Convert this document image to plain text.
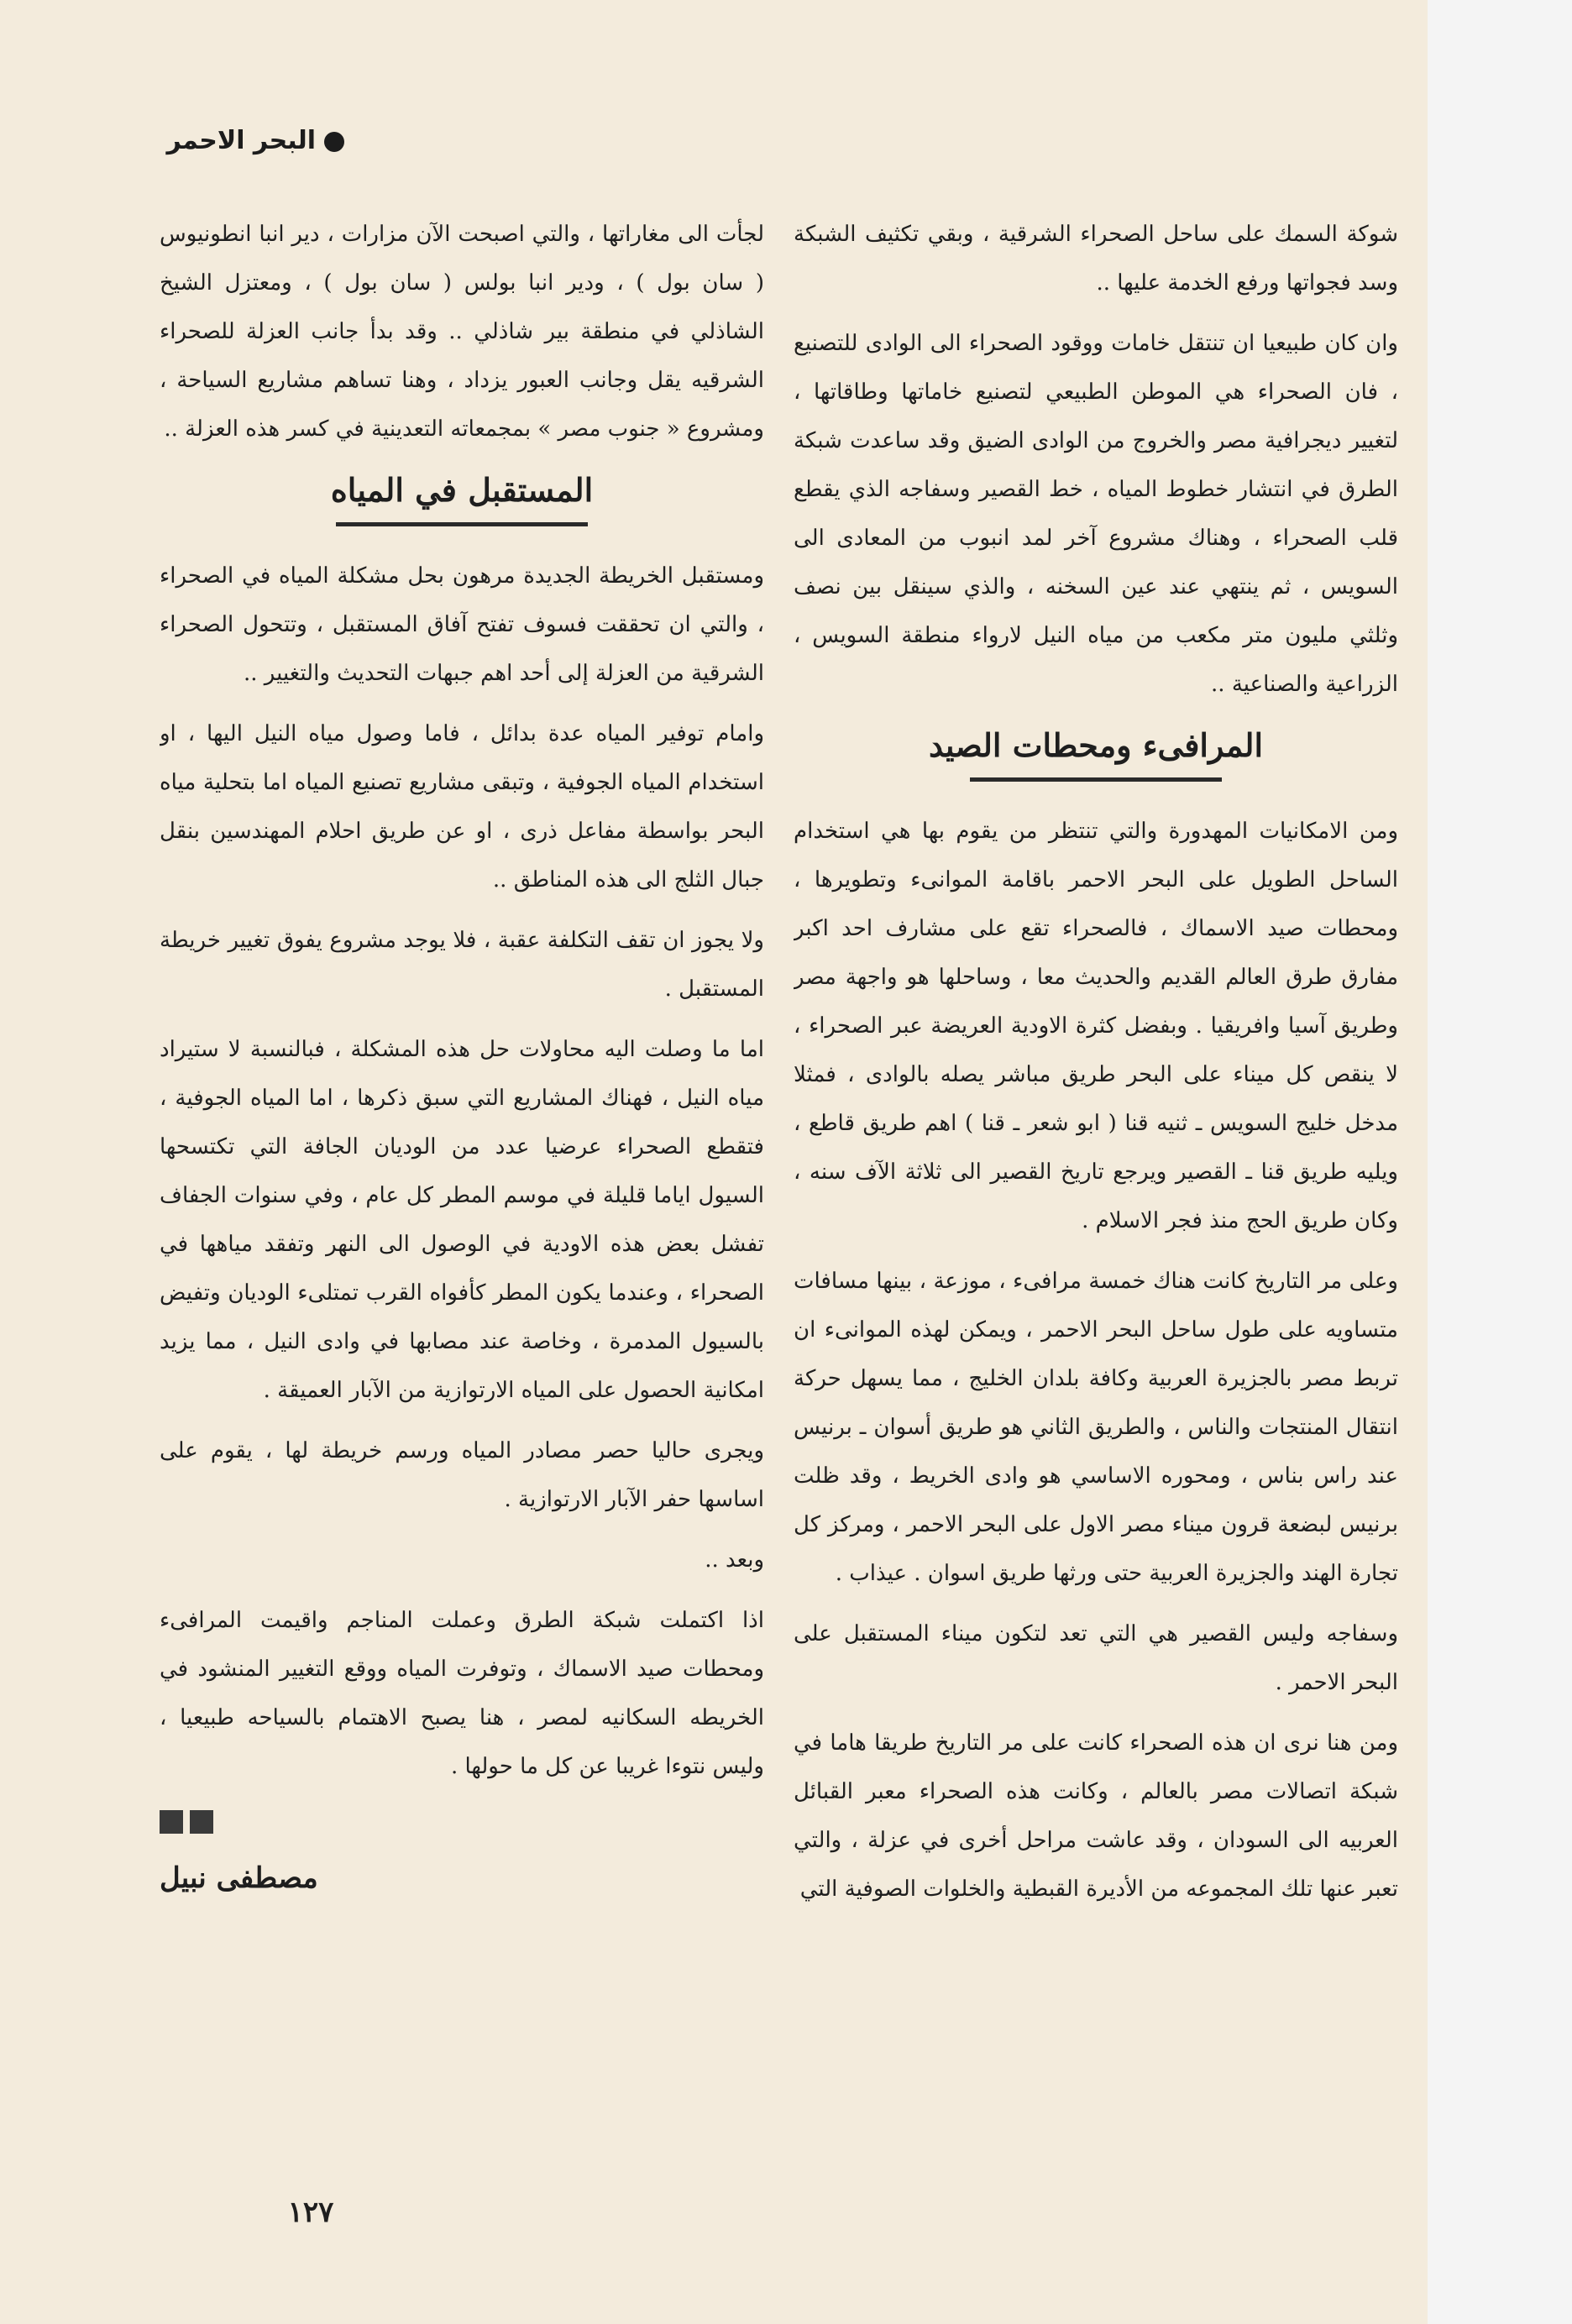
البحر الاحمر

شوكة السمك على ساحل الصحراء الشرقية ، وبقي تكثيف الشبكة وسد فجواتها ورفع الخدمة عليها ..

وان كان طبيعيا ان تنتقل خامات ووقود الصحراء الى الوادى للتصنيع ، فان الصحراء هي الموطن الطبيعي لتصنيع خاماتها وطاقاتها ، لتغيير ديجرافية مصر والخروج من الوادى الضيق وقد ساعدت شبكة الطرق في انتشار خطوط المياه ، خط القصير وسفاجه الذي يقطع قلب الصحراء ، وهناك مشروع آخر لمد انبوب من المعادى الى السويس ، ثم ينتهي عند عين السخنه ، والذي سينقل بين نصف وثلثي مليون متر مكعب من مياه النيل لارواء منطقة السويس ، الزراعية والصناعية ..

المرافىء ومحطات الصيد

ومن الامكانيات المهدورة والتي تنتظر من يقوم بها هي استخدام الساحل الطويل على البحر الاحمر باقامة الموانىء وتطويرها ، ومحطات صيد الاسماك ، فالصحراء تقع على مشارف احد اكبر مفارق طرق العالم القديم والحديث معا ، وساحلها هو واجهة مصر وطريق آسيا وافريقيا . وبفضل كثرة الاودية العريضة عبر الصحراء ، لا ينقص كل ميناء على البحر طريق مباشر يصله بالوادى ، فمثلا مدخل خليج السويس ـ ثنيه قنا ( ابو شعر ـ قنا ) اهم طريق قاطع ، ويليه طريق قنا ـ القصير ويرجع تاريخ القصير الى ثلاثة الآف سنه ، وكان طريق الحج منذ فجر الاسلام .

وعلى مر التاريخ كانت هناك خمسة مرافىء ، موزعة ، بينها مسافات متساويه على طول ساحل البحر الاحمر ، ويمكن لهذه الموانىء ان تربط مصر بالجزيرة العربية وكافة بلدان الخليج ، مما يسهل حركة انتقال المنتجات والناس ، والطريق الثاني هو طريق أسوان ـ برنيس عند راس بناس ، ومحوره الاساسي هو وادى الخريط ، وقد ظلت برنيس لبضعة قرون ميناء مصر الاول على البحر الاحمر ، ومركز كل تجارة الهند والجزيرة العربية حتى ورثها طريق اسوان . عيذاب .

وسفاجه وليس القصير هي التي تعد لتكون ميناء المستقبل على البحر الاحمر .

ومن هنا نرى ان هذه الصحراء كانت على مر التاريخ طريقا هاما في شبكة اتصالات مصر بالعالم ، وكانت هذه الصحراء معبر القبائل العربيه الى السودان ، وقد عاشت مراحل أخرى في عزلة ، والتي تعبر عنها تلك المجموعه من الأديرة القبطية والخلوات الصوفية التي

لجأت الى مغاراتها ، والتي اصبحت الآن مزارات ، دير انبا انطونيوس ( سان بول ) ، ودير انبا بولس ( سان بول ) ، ومعتزل الشيخ الشاذلي في منطقة بير شاذلي .. وقد بدأ جانب العزلة للصحراء الشرقيه يقل وجانب العبور يزداد ، وهنا تساهم مشاريع السياحة ، ومشروع « جنوب مصر » بمجمعاته التعدينية في كسر هذه العزلة ..

المستقبل في المياه

ومستقبل الخريطة الجديدة مرهون بحل مشكلة المياه في الصحراء ، والتي ان تحققت فسوف تفتح آفاق المستقبل ، وتتحول الصحراء الشرقية من العزلة إلى أحد اهم جبهات التحديث والتغيير ..

وامام توفير المياه عدة بدائل ، فاما وصول مياه النيل اليها ، او استخدام المياه الجوفية ، وتبقى مشاريع تصنيع المياه اما بتحلية مياه البحر بواسطة مفاعل ذرى ، او عن طريق احلام المهندسين بنقل جبال الثلج الى هذه المناطق ..

ولا يجوز ان تقف التكلفة عقبة ، فلا يوجد مشروع يفوق تغيير خريطة المستقبل .

اما ما وصلت اليه محاولات حل هذه المشكلة ، فبالنسبة لا ستيراد مياه النيل ، فهناك المشاريع التي سبق ذكرها ، اما المياه الجوفية ، فتقطع الصحراء عرضيا عدد من الوديان الجافة التي تكتسحها السيول اياما قليلة في موسم المطر كل عام ، وفي سنوات الجفاف تفشل بعض هذه الاودية في الوصول الى النهر وتفقد مياهها في الصحراء ، وعندما يكون المطر كأفواه القرب تمتلىء الوديان وتفيض بالسيول المدمرة ، وخاصة عند مصابها في وادى النيل ، مما يزيد امكانية الحصول على المياه الارتوازية من الآبار العميقة .

ويجرى حاليا حصر مصادر المياه ورسم خريطة لها ، يقوم على اساسها حفر الآبار الارتوازية .

وبعد ..

اذا اكتملت شبكة الطرق وعملت المناجم واقيمت المرافىء ومحطات صيد الاسماك ، وتوفرت المياه ووقع التغيير المنشود في الخريطه السكانيه لمصر ، هنا يصبح الاهتمام بالسياحه طبيعيا ، وليس نتوءا غريبا عن كل ما حولها .

مصطفى نبيل
١٢٧
